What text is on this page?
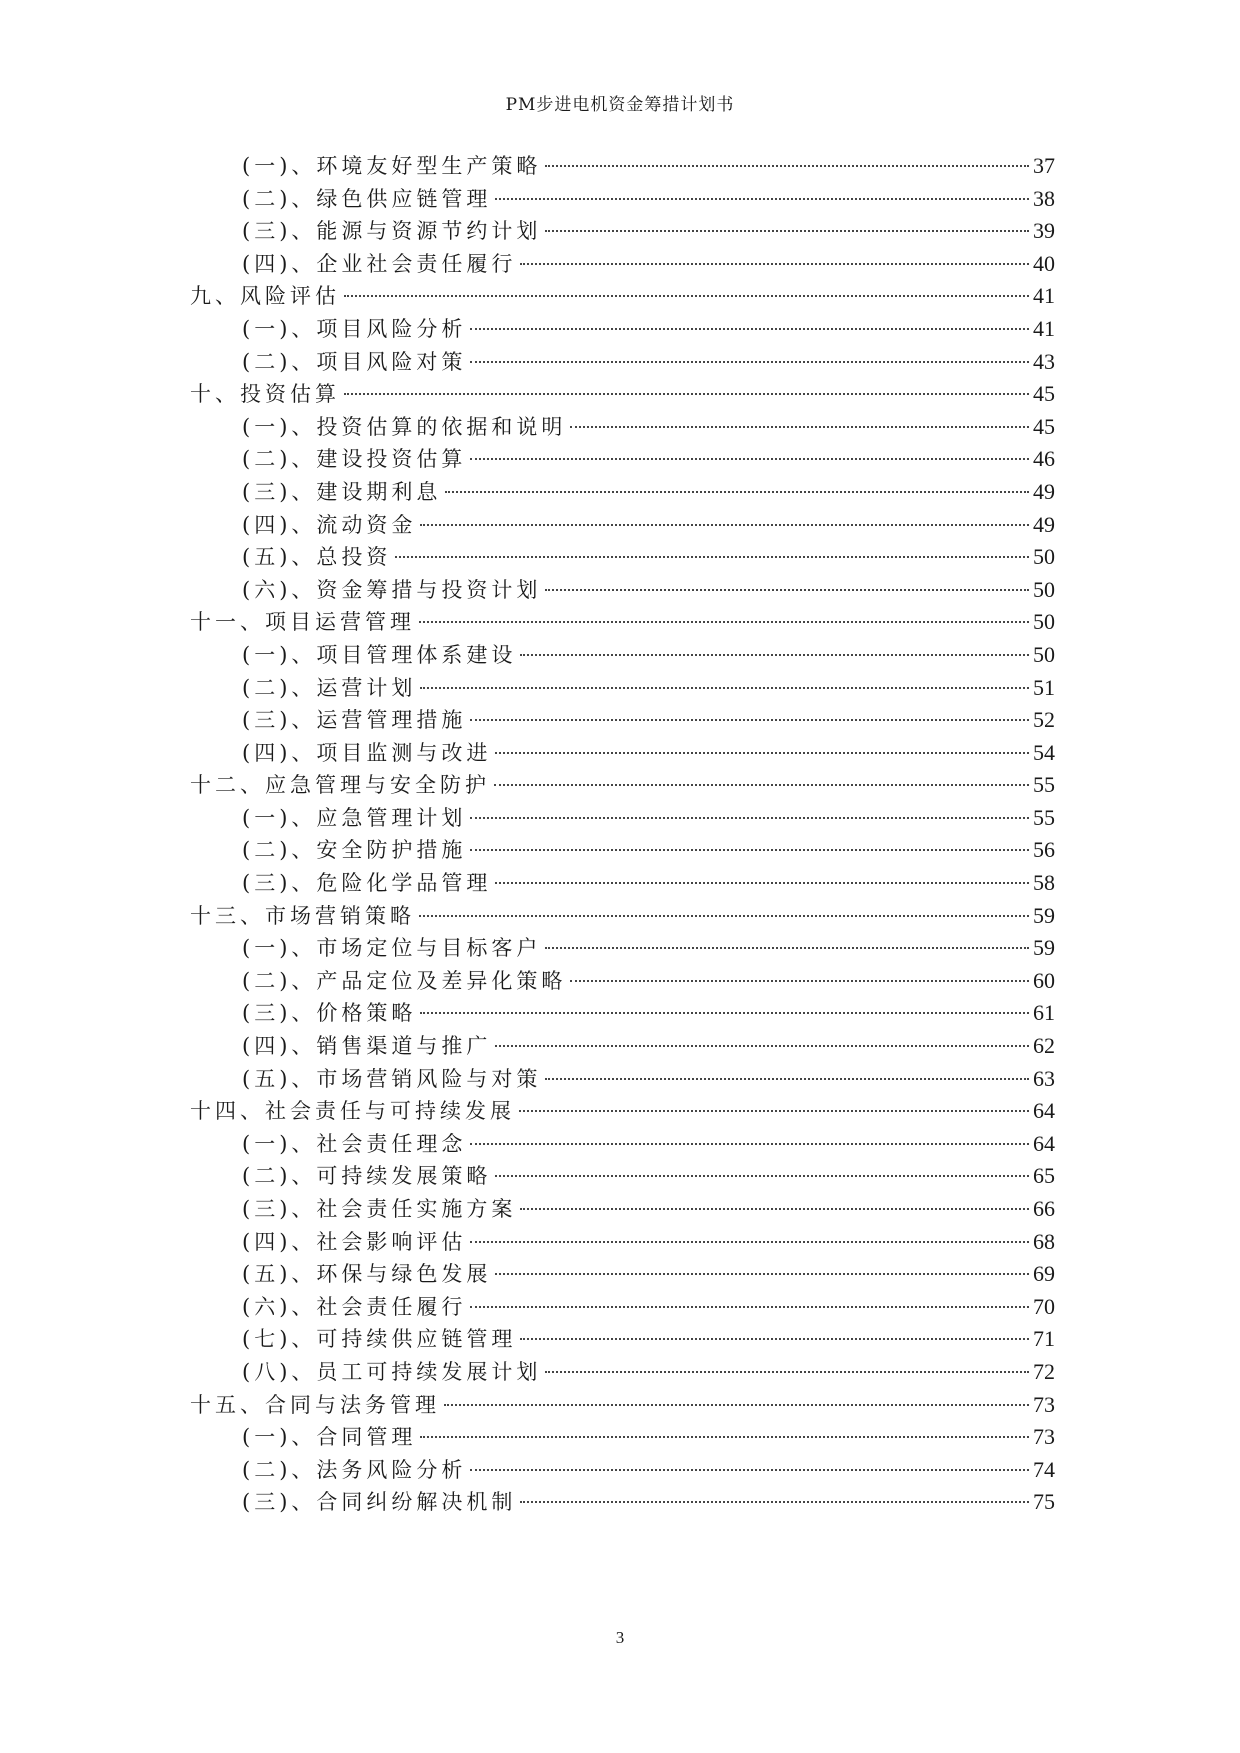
PM步进电机资金筹措计划书
(一)、环境友好型生产策略	37
(二)、绿色供应链管理	38
(三)、能源与资源节约计划	39
(四)、企业社会责任履行	40
九、风险评估	41
(一)、项目风险分析	41
(二)、项目风险对策	43
十、投资估算	45
(一)、投资估算的依据和说明	45
(二)、建设投资估算	46
(三)、建设期利息	49
(四)、流动资金	49
(五)、总投资	50
(六)、资金筹措与投资计划	50
十一、项目运营管理	50
(一)、项目管理体系建设	50
(二)、运营计划	51
(三)、运营管理措施	52
(四)、项目监测与改进	54
十二、应急管理与安全防护	55
(一)、应急管理计划	55
(二)、安全防护措施	56
(三)、危险化学品管理	58
十三、市场营销策略	59
(一)、市场定位与目标客户	59
(二)、产品定位及差异化策略	60
(三)、价格策略	61
(四)、销售渠道与推广	62
(五)、市场营销风险与对策	63
十四、社会责任与可持续发展	64
(一)、社会责任理念	64
(二)、可持续发展策略	65
(三)、社会责任实施方案	66
(四)、社会影响评估	68
(五)、环保与绿色发展	69
(六)、社会责任履行	70
(七)、可持续供应链管理	71
(八)、员工可持续发展计划	72
十五、合同与法务管理	73
(一)、合同管理	73
(二)、法务风险分析	74
(三)、合同纠纷解决机制	75
3
